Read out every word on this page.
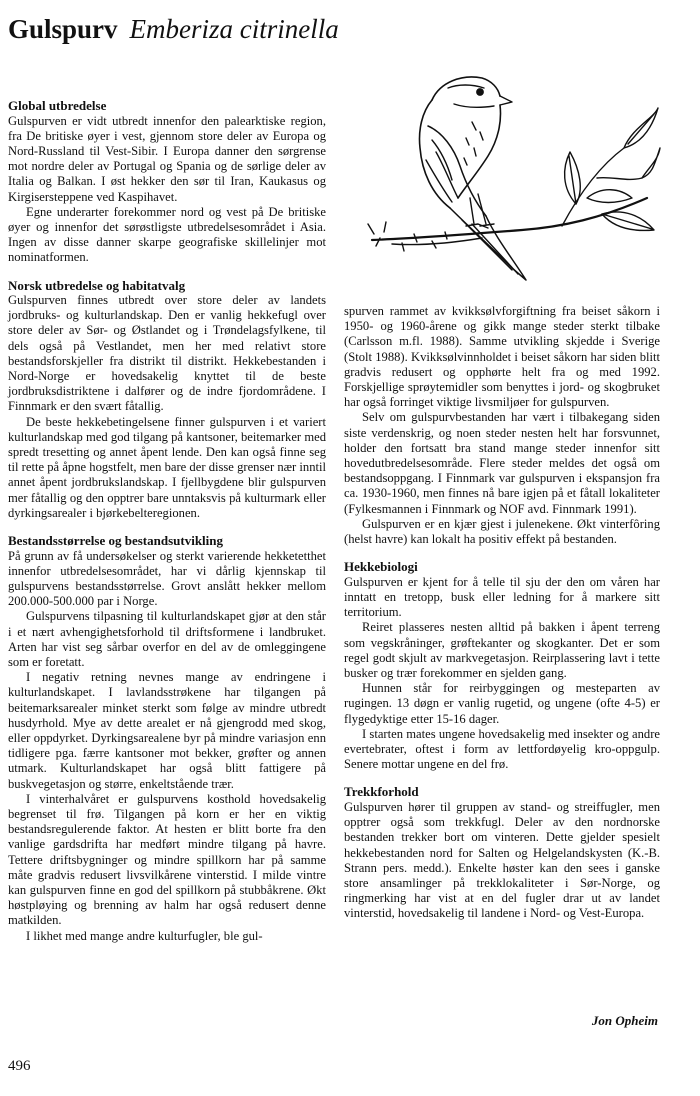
Gulspurv Emberiza citrinella

Global utbredelse

Gulspurven er vidt utbredt innenfor den palearktiske region, fra De britiske øyer i vest, gjennom store deler av Europa og Nord-Russland til Vest-Sibir. I Europa danner den sørgrense mot nordre deler av Portugal og Spania og de sørlige deler av Italia og Balkan. I øst hekker den sør til Iran, Kaukasus og Kirgisersteppene ved Kaspihavet.

Egne underarter forekommer nord og vest på De britiske øyer og innenfor det sørøstligste utbredelsesområdet i Asia. Ingen av disse danner skarpe geografiske skillelinjer mot nominatformen.

Norsk utbredelse og habitatvalg

Gulspurven finnes utbredt over store deler av landets jordbruks- og kulturlandskap. Den er vanlig hekkefugl over store deler av Sør- og Østlandet og i Trøndelagsfylkene, til dels også på Vestlandet, men her med relativt store bestandsforskjeller fra distrikt til distrikt. Hekkebestanden i Nord-Norge er hovedsakelig knyttet til de beste jordbruksdistriktene i dalfører og de indre fjordområdene. I Finnmark er den svært fåtallig.

De beste hekkebetingelsene finner gulspurven i et variert kulturlandskap med god tilgang på kantsoner, beitemarker med spredt tresetting og annet åpent lende. Den kan også finne seg til rette på åpne hogstfelt, men bare der disse grenser nær inntil annet åpent jordbrukslandskap. I fjellbygdene blir gulspurven mer fåtallig og den opptrer bare unntaksvis på kulturmark eller dyrkingsarealer i bjørkebelteregionen.

Bestandsstørrelse og bestandsutvikling

På grunn av få undersøkelser og sterkt varierende hekketetthet innenfor utbredelsesområdet, har vi dårlig kjennskap til gulspurvens bestandsstørrelse. Grovt anslått hekker mellom 200.000-500.000 par i Norge.

Gulspurvens tilpasning til kulturlandskapet gjør at den står i et nært avhengighetsforhold til driftsformene i landbruket. Arten har vist seg sårbar overfor en del av de omleggingene som er foretatt.

I negativ retning nevnes mange av endringene i kulturlandskapet. I lavlandsstrøkene har tilgangen på beitemarksarealer minket sterkt som følge av mindre utbredt husdyrhold. Mye av dette arealet er nå gjengrodd med skog, eller oppdyrket. Dyrkingsarealene byr på mindre variasjon enn tidligere pga. færre kantsoner mot bekker, grøfter og annen utmark. Kulturlandskapet har også blitt fattigere på buskvegetasjon og større, enkeltstående trær.

I vinterhalvåret er gulspurvens kosthold hovedsakelig begrenset til frø. Tilgangen på korn er her en viktig bestandsregulerende faktor. At hesten er blitt borte fra den vanlige gardsdrifta har medført mindre tilgang på havre. Tettere driftsbygninger og mindre spillkorn har på samme måte gradvis redusert livsvilkårene vinterstid. I milde vintre kan gulspurven finne en god del spillkorn på stubbåkrene. Økt høstpløying og brenning av halm har også redusert denne matkilden.

I likhet med mange andre kulturfugler, ble gul-

spurven rammet av kvikksølvforgiftning fra beiset såkorn i 1950- og 1960-årene og gikk mange steder sterkt tilbake (Carlsson m.fl. 1988). Samme utvikling skjedde i Sverige (Stolt 1988). Kvikksølvinnholdet i beiset såkorn har siden blitt gradvis redusert og opphørte helt fra og med 1992. Forskjellige sprøytemidler som benyttes i jord- og skogbruket har også forringet viktige livsmiljøer for gulspurven.

Selv om gulspurvbestanden har vært i tilbakegang siden siste verdenskrig, og noen steder nesten helt har forsvunnet, holder den fortsatt bra stand mange steder innenfor sitt hovedutbredelsesområde. Flere steder meldes det også om bestandsoppgang. I Finnmark var gulspurven i ekspansjon fra ca. 1930-1960, men finnes nå bare igjen på et fåtall lokaliteter (Fylkesmannen i Finnmark og NOF avd. Finnmark 1991).

Gulspurven er en kjær gjest i julenekene. Økt vinterfôring (helst havre) kan lokalt ha positiv effekt på bestanden.

Hekkebiologi

Gulspurven er kjent for å telle til sju der den om våren har inntatt en tretopp, busk eller ledning for å markere sitt territorium.

Reiret plasseres nesten alltid på bakken i åpent terreng som vegskråninger, grøftekanter og skogkanter. Det er som regel godt skjult av markvegetasjon. Reirplassering lavt i tette busker og trær forekommer en sjelden gang.

Hunnen står for reirbyggingen og mesteparten av rugingen. 13 døgn er vanlig rugetid, og ungene (ofte 4-5) er flygedyktige etter 15-16 dager.

I starten mates ungene hovedsakelig med insekter og andre evertebrater, oftest i form av lettfordøyelig kro-oppgulp. Senere mottar ungene en del frø.

Trekkforhold

Gulspurven hører til gruppen av stand- og streiffugler, men opptrer også som trekkfugl. Deler av den nordnorske bestanden trekker bort om vinteren. Dette gjelder spesielt hekkebestanden nord for Salten og Helgelandskysten (K.-B. Strann pers. medd.). Enkelte høster kan den sees i ganske store ansamlinger på trekklokaliteter i Sør-Norge, og ringmerking har vist at en del fugler drar ut av landet vinterstid, hovedsakelig til landene i Nord- og Vest-Europa.

Jon Opheim
496
